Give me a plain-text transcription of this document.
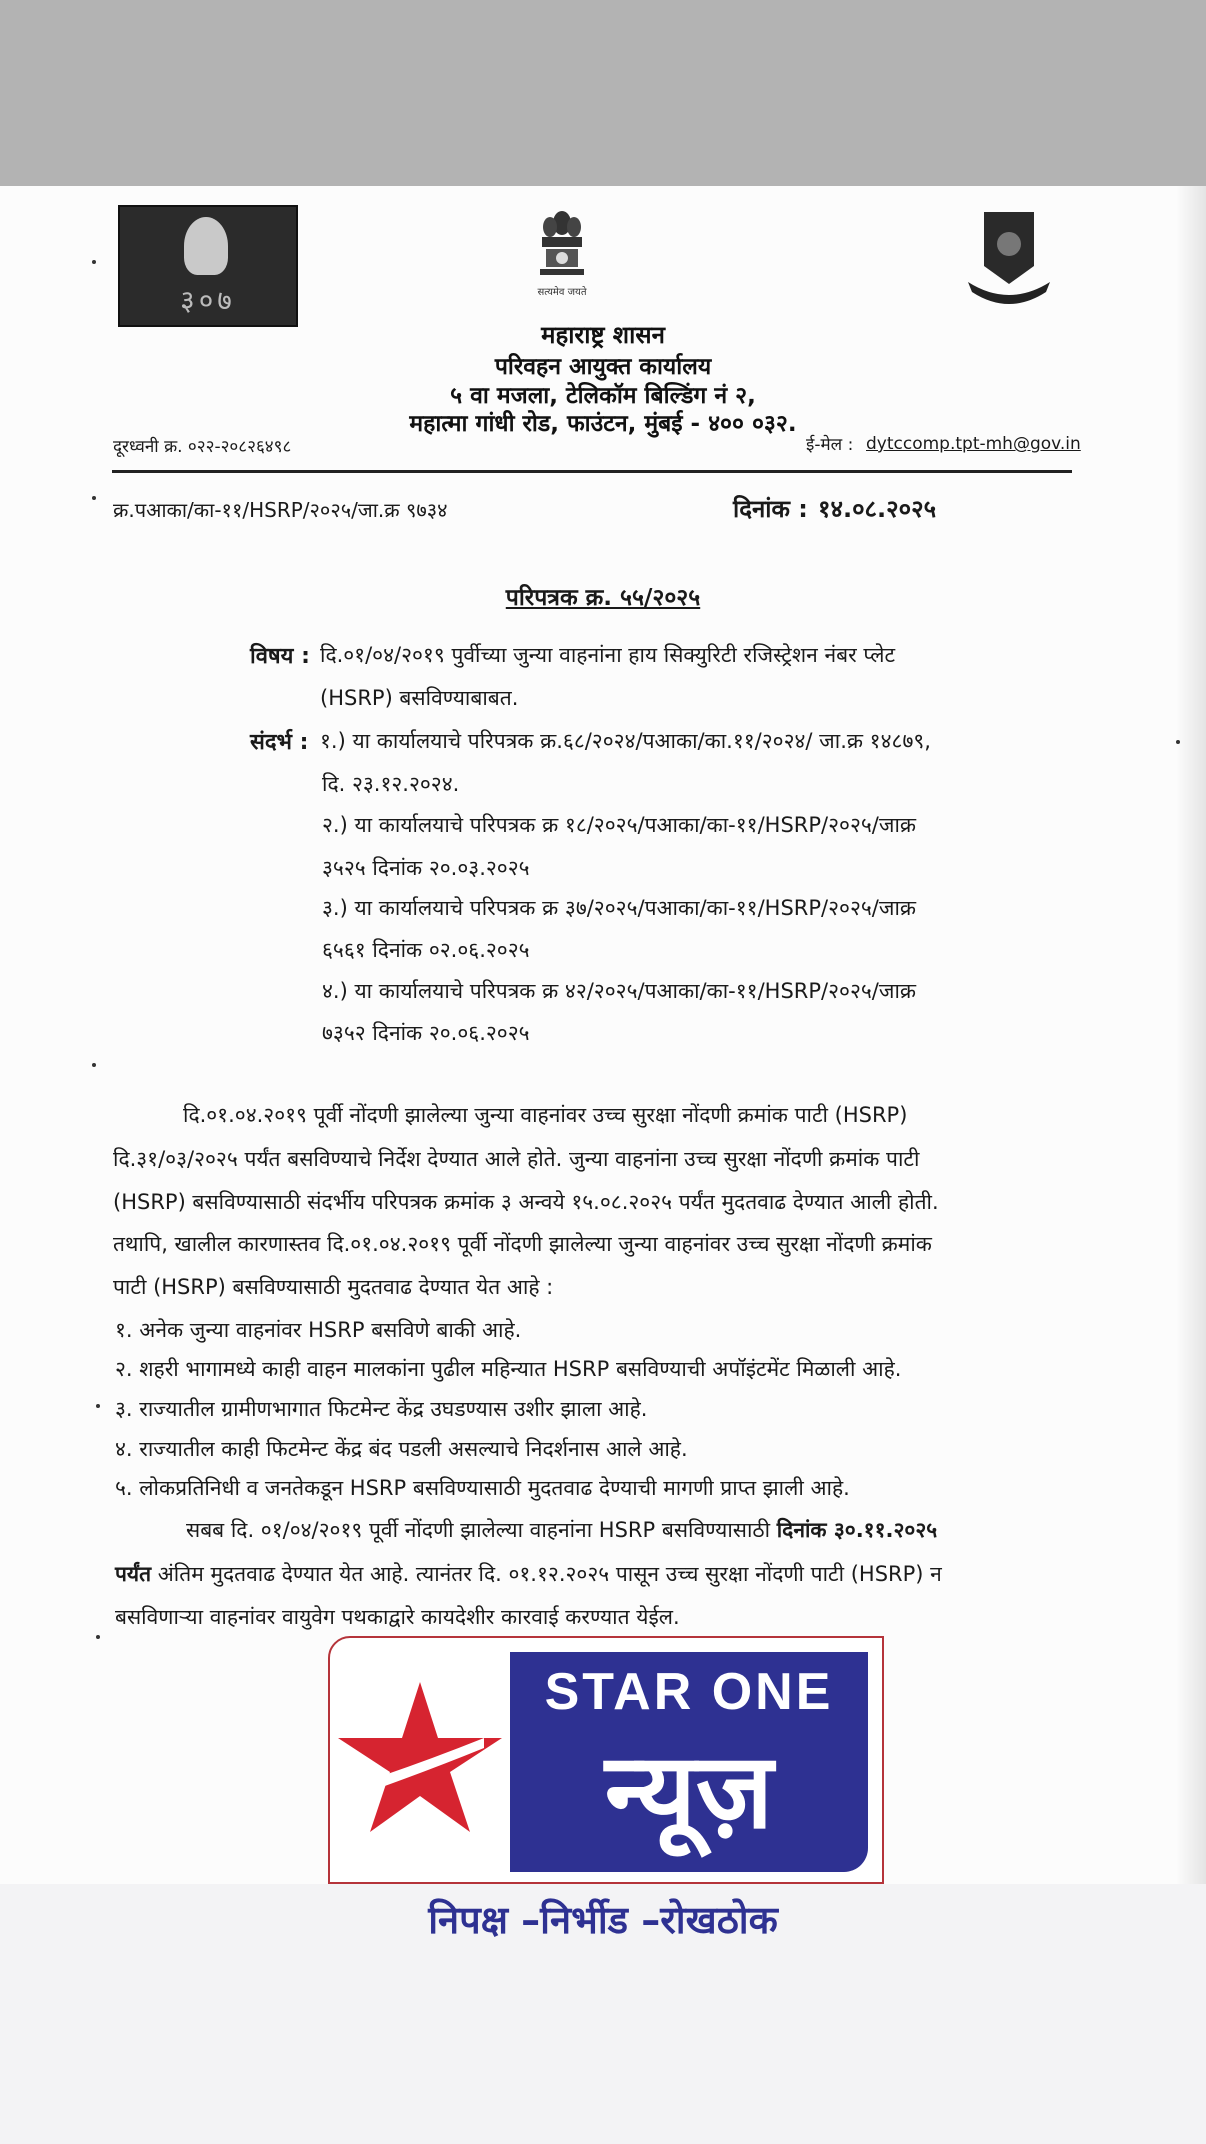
३०७	सत्यमेव जयते
महाराष्ट्र शासन
परिवहन आयुक्त कार्यालय
५ वा मजला, टेलिकॉम बिल्डिंग नं २,
महात्मा गांधी रोड, फाउंटन, मुंबई - ४०० ०३२.
दूरध्वनी क्र. ०२२-२०८२६४९८	ई-मेल : dytccomp.tpt-mh@gov.in
क्र.पआका/का-११/HSRP/२०२५/जा.क्र ९७३४	दिनांक : १४.०८.२०२५
परिपत्रक क्र. ५५/२०२५
विषय : दि.०१/०४/२०१९ पुर्वीच्या जुन्या वाहनांना हाय सिक्युरिटी रजिस्ट्रेशन नंबर प्लेट
(HSRP) बसविण्याबाबत.
संदर्भ : १.) या कार्यालयाचे परिपत्रक क्र.६८/२०२४/पआका/का.११/२०२४/ जा.क्र १४८७९,
दि. २३.१२.२०२४.
२.) या कार्यालयाचे परिपत्रक क्र १८/२०२५/पआका/का-११/HSRP/२०२५/जाक्र
३५२५ दिनांक २०.०३.२०२५
३.) या कार्यालयाचे परिपत्रक क्र ३७/२०२५/पआका/का-११/HSRP/२०२५/जाक्र
६५६१ दिनांक ०२.०६.२०२५
४.) या कार्यालयाचे परिपत्रक क्र ४२/२०२५/पआका/का-११/HSRP/२०२५/जाक्र
७३५२ दिनांक २०.०६.२०२५
दि.०१.०४.२०१९ पूर्वी नोंदणी झालेल्या जुन्या वाहनांवर उच्च सुरक्षा नोंदणी क्रमांक पाटी (HSRP)
दि.३१/०३/२०२५ पर्यंत बसविण्याचे निर्देश देण्यात आले होते. जुन्या वाहनांना उच्च सुरक्षा नोंदणी क्रमांक पाटी
(HSRP) बसविण्यासाठी संदर्भीय परिपत्रक क्रमांक ३ अन्वये १५.०८.२०२५ पर्यंत मुदतवाढ देण्यात आली होती.
तथापि, खालील कारणास्तव दि.०१.०४.२०१९ पूर्वी नोंदणी झालेल्या जुन्या वाहनांवर उच्च सुरक्षा नोंदणी क्रमांक
पाटी (HSRP) बसविण्यासाठी मुदतवाढ देण्यात येत आहे :
१. अनेक जुन्या वाहनांवर HSRP बसविणे बाकी आहे.
२. शहरी भागामध्ये काही वाहन मालकांना पुढील महिन्यात HSRP बसविण्याची अपॉइंटमेंट मिळाली आहे.
३. राज्यातील ग्रामीणभागात फिटमेन्ट केंद्र उघडण्यास उशीर झाला आहे.
४. राज्यातील काही फिटमेन्ट केंद्र बंद पडली असल्याचे निदर्शनास आले आहे.
५. लोकप्रतिनिधी व जनतेकडून HSRP बसविण्यासाठी मुदतवाढ देण्याची मागणी प्राप्त झाली आहे.
सबब दि. ०१/०४/२०१९ पूर्वी नोंदणी झालेल्या वाहनांना HSRP बसविण्यासाठी दिनांक ३०.११.२०२५
पर्यंत अंतिम मुदतवाढ देण्यात येत आहे. त्यानंतर दि. ०१.१२.२०२५ पासून उच्च सुरक्षा नोंदणी पाटी (HSRP) न
बसविणाऱ्या वाहनांवर वायुवेग पथकाद्वारे कायदेशीर कारवाई करण्यात येईल.
STAR ONE
न्यूज़
निपक्ष –निर्भीड –रोखठोक
